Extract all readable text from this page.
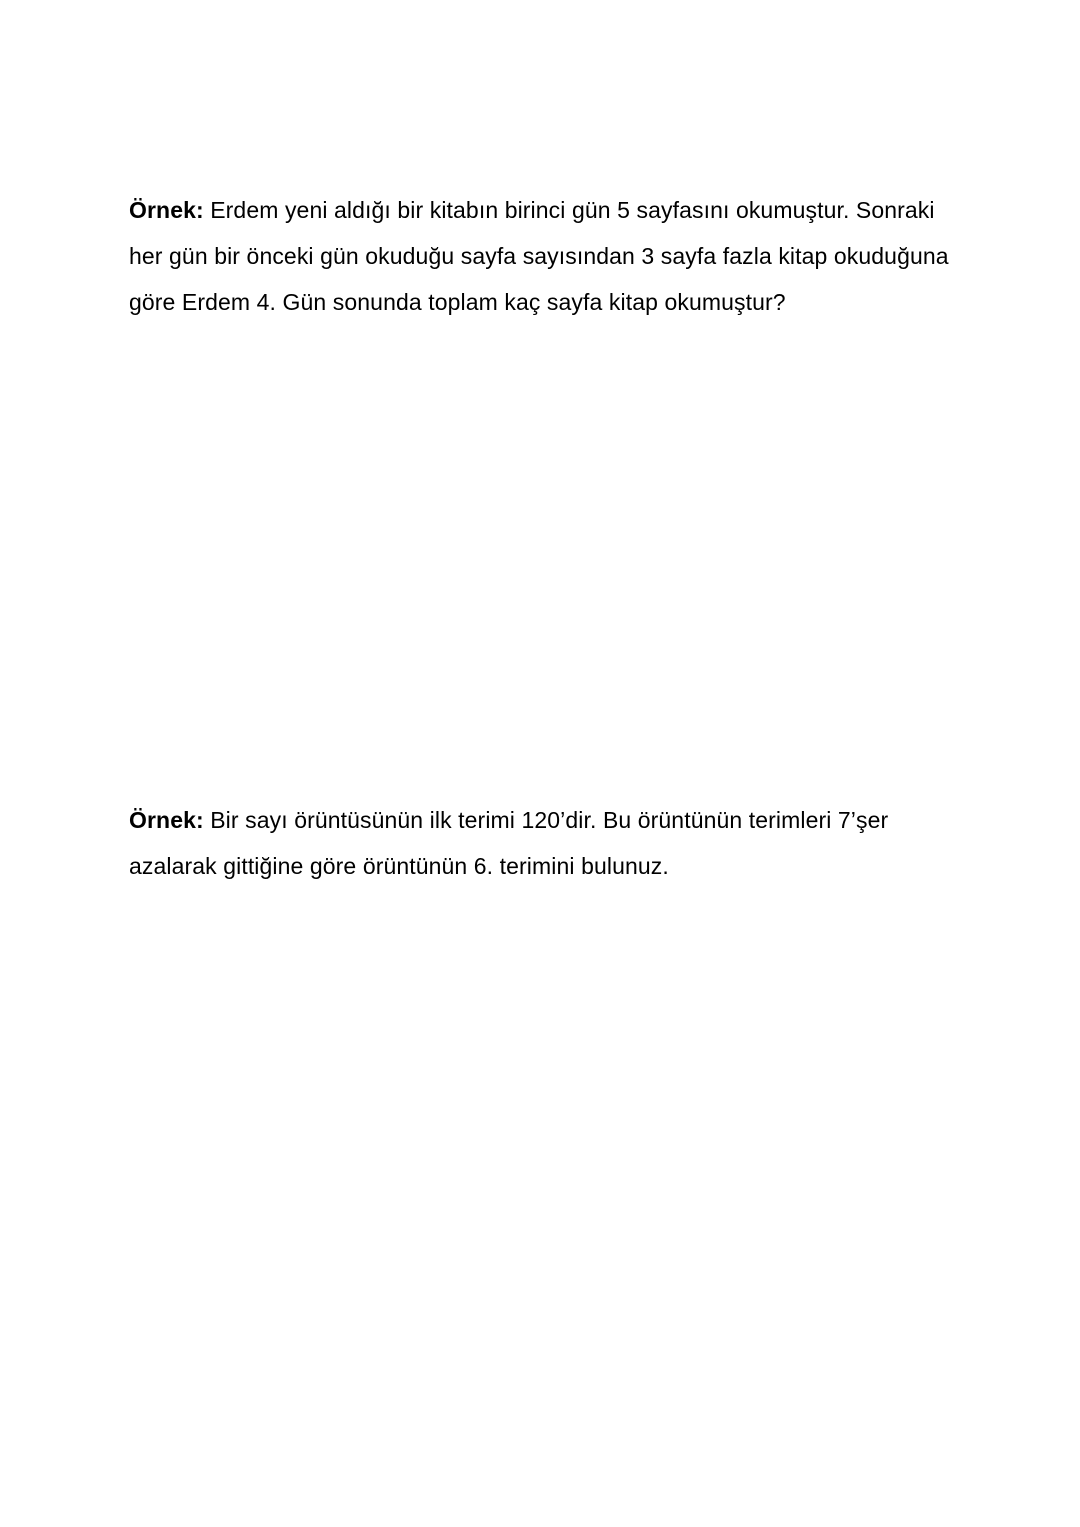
Örnek: Erdem yeni aldığı bir kitabın birinci gün 5 sayfasını okumuştur. Sonraki
her gün bir önceki gün okuduğu sayfa sayısından 3 sayfa fazla kitap okuduğuna
göre Erdem 4. Gün sonunda toplam kaç sayfa kitap okumuştur?
Örnek: Bir sayı örüntüsünün ilk terimi 120’dir. Bu örüntünün terimleri 7’şer
azalarak gittiğine göre örüntünün 6. terimini bulunuz.
